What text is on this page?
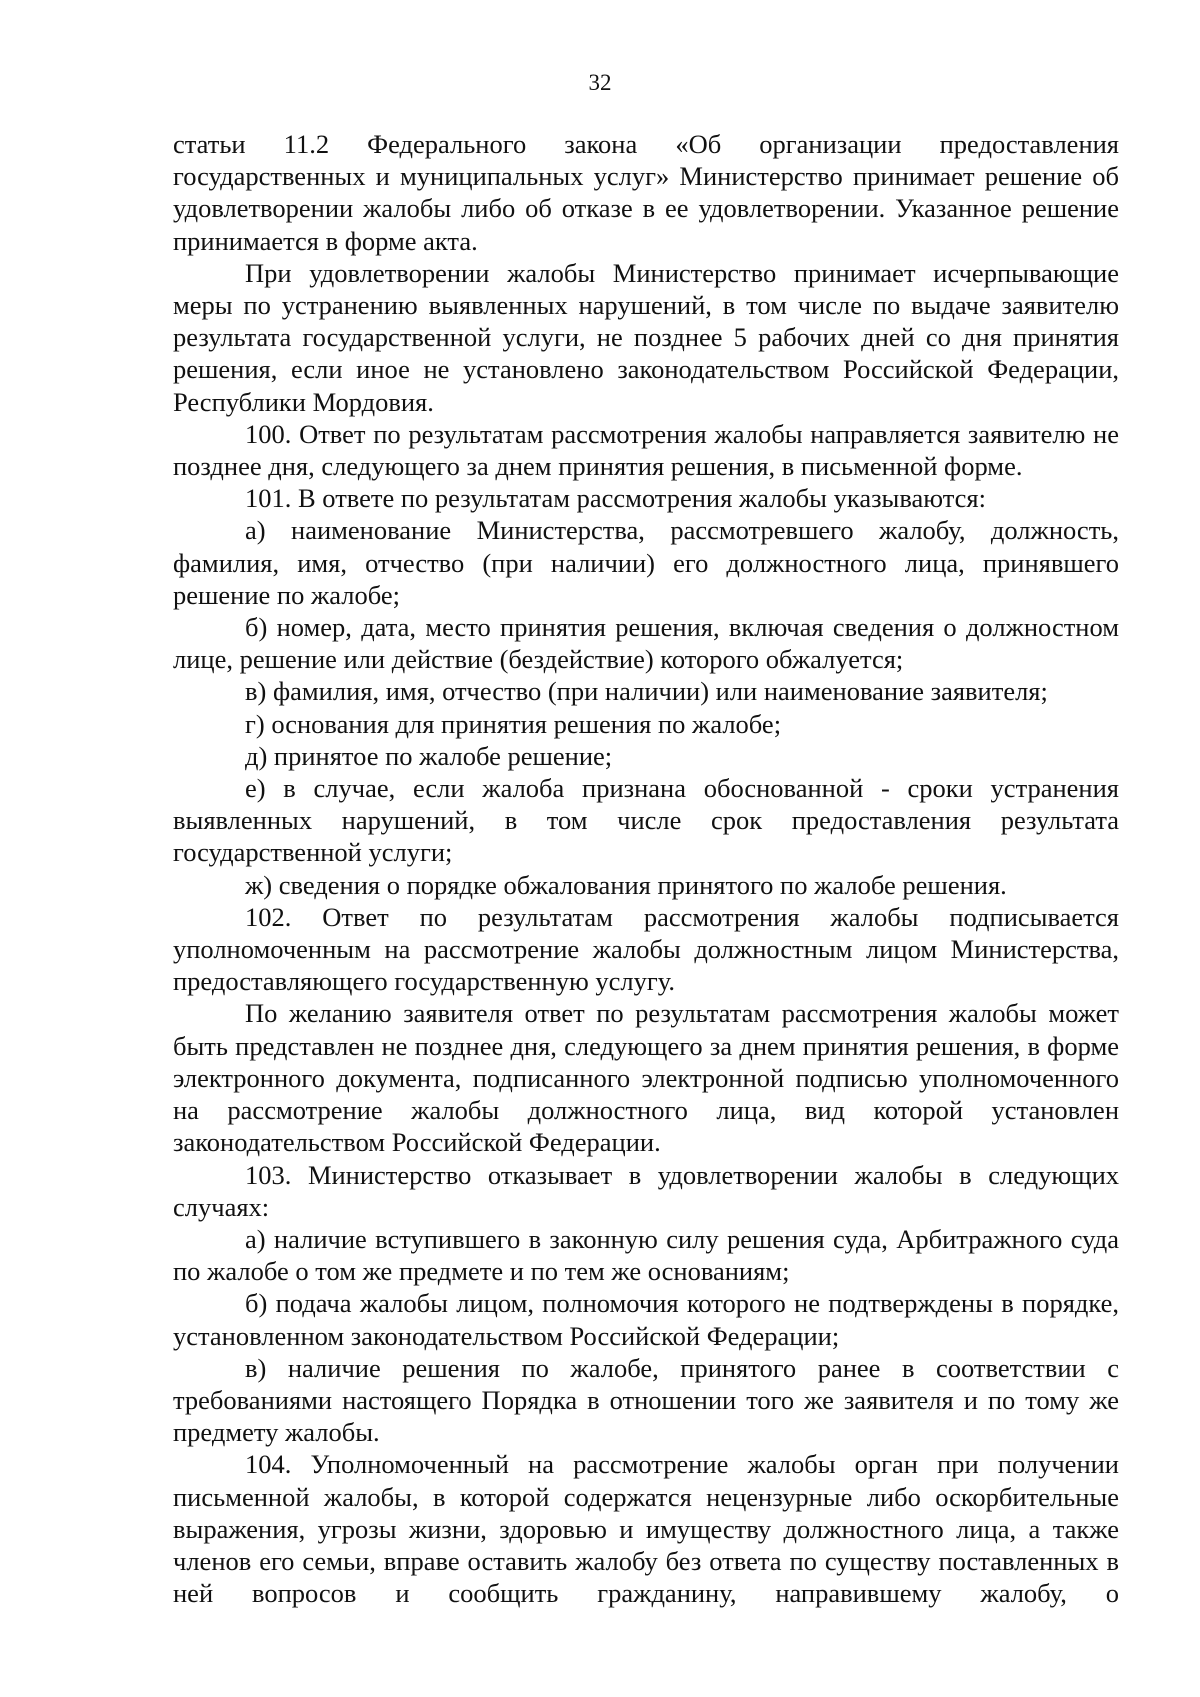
32

статьи 11.2 Федерального закона «Об организации предоставления государственных и муниципальных услуг» Министерство принимает решение об удовлетворении жалобы либо об отказе в ее удовлетворении. Указанное решение принимается в форме акта.

При удовлетворении жалобы Министерство принимает исчерпывающие меры по устранению выявленных нарушений, в том числе по выдаче заявителю результата государственной услуги, не позднее 5 рабочих дней со дня принятия решения, если иное не установлено законодательством Российской Федерации, Республики Мордовия.

100. Ответ по результатам рассмотрения жалобы направляется заявителю не позднее дня, следующего за днем принятия решения, в письменной форме.

101. В ответе по результатам рассмотрения жалобы указываются:

а) наименование Министерства, рассмотревшего жалобу, должность, фамилия, имя, отчество (при наличии) его должностного лица, принявшего решение по жалобе;

б) номер, дата, место принятия решения, включая сведения о должностном лице, решение или действие (бездействие) которого обжалуется;

в) фамилия, имя, отчество (при наличии) или наименование заявителя;

г) основания для принятия решения по жалобе;

д) принятое по жалобе решение;

е) в случае, если жалоба признана обоснованной - сроки устранения выявленных нарушений, в том числе срок предоставления результата государственной услуги;

ж) сведения о порядке обжалования принятого по жалобе решения.

102. Ответ по результатам рассмотрения жалобы подписывается уполномоченным на рассмотрение жалобы должностным лицом Министерства, предоставляющего государственную услугу.

По желанию заявителя ответ по результатам рассмотрения жалобы может быть представлен не позднее дня, следующего за днем принятия решения, в форме электронного документа, подписанного электронной подписью уполномоченного на рассмотрение жалобы должностного лица, вид которой установлен законодательством Российской Федерации.

103. Министерство отказывает в удовлетворении жалобы в следующих случаях:

а) наличие вступившего в законную силу решения суда, Арбитражного суда по жалобе о том же предмете и по тем же основаниям;

б) подача жалобы лицом, полномочия которого не подтверждены в порядке, установленном законодательством Российской Федерации;

в) наличие решения по жалобе, принятого ранее в соответствии с требованиями настоящего Порядка в отношении того же заявителя и по тому же предмету жалобы.

104. Уполномоченный на рассмотрение жалобы орган при получении письменной жалобы, в которой содержатся нецензурные либо оскорбительные выражения, угрозы жизни, здоровью и имуществу должностного лица, а также членов его семьи, вправе оставить жалобу без ответа по существу поставленных в ней вопросов и сообщить гражданину, направившему жалобу, о
